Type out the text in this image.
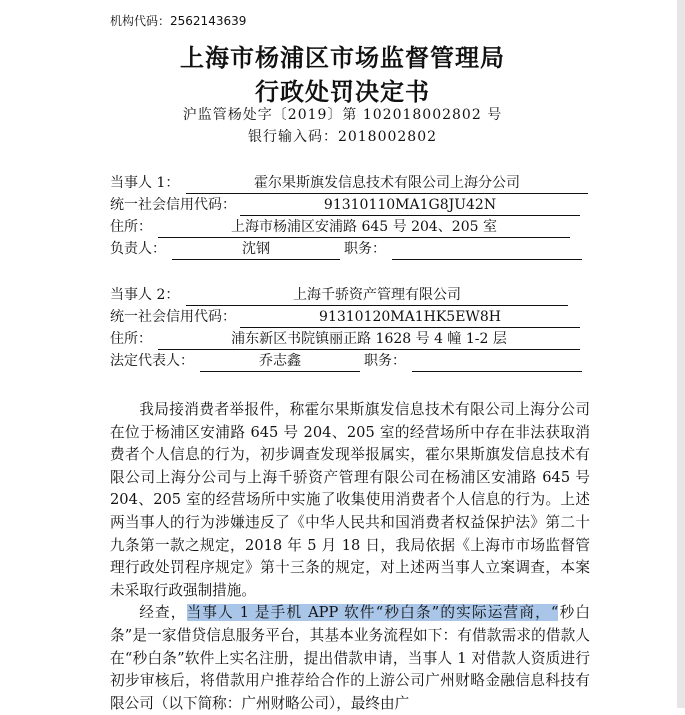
机构代码：2562143639
上海市杨浦区市场监督管理局
行政处罚决定书
沪监管杨处字〔2019〕第 102018002802 号
银行输入码：2018002802
当事人 1：	霍尔果斯旗发信息技术有限公司上海分公司
统一社会信用代码：	91310110MA1G8JU42N
住所：	上海市杨浦区安浦路 645 号 204、205 室
负责人：	沈钢	职务：
当事人 2：	上海千骄资产管理有限公司
统一社会信用代码：	91310120MA1HK5EW8H
住所：	浦东新区书院镇丽正路 1628 号 4 幢 1-2 层
法定代表人：	乔志鑫	职务：

我局接消费者举报件，称霍尔果斯旗发信息技术有限公司上海分公司在位于杨浦区安浦路 645 号 204、205 室的经营场所中存在非法获取消费者个人信息的行为，初步调查发现举报属实，霍尔果斯旗发信息技术有限公司上海分公司与上海千骄资产管理有限公司在杨浦区安浦路 645 号 204、205 室的经营场所中实施了收集使用消费者个人信息的行为。上述两当事人的行为涉嫌违反了《中华人民共和国消费者权益保护法》第二十九条第一款之规定，2018 年 5 月 18 日，我局依据《上海市市场监督管理行政处罚程序规定》第十三条的规定，对上述两当事人立案调查，本案未采取行政强制措施。

经查，当事人 1 是手机 APP 软件“秒白条”的实际运营商，“秒白条”是一家借贷信息服务平台，其基本业务流程如下：有借款需求的借款人在“秒白条”软件上实名注册，提出借款申请，当事人 1 对借款人资质进行初步审核后，将借款用户推荐给合作的上游公司广州财略金融信息科技有限公司（以下简称：广州财略公司），最终由广
